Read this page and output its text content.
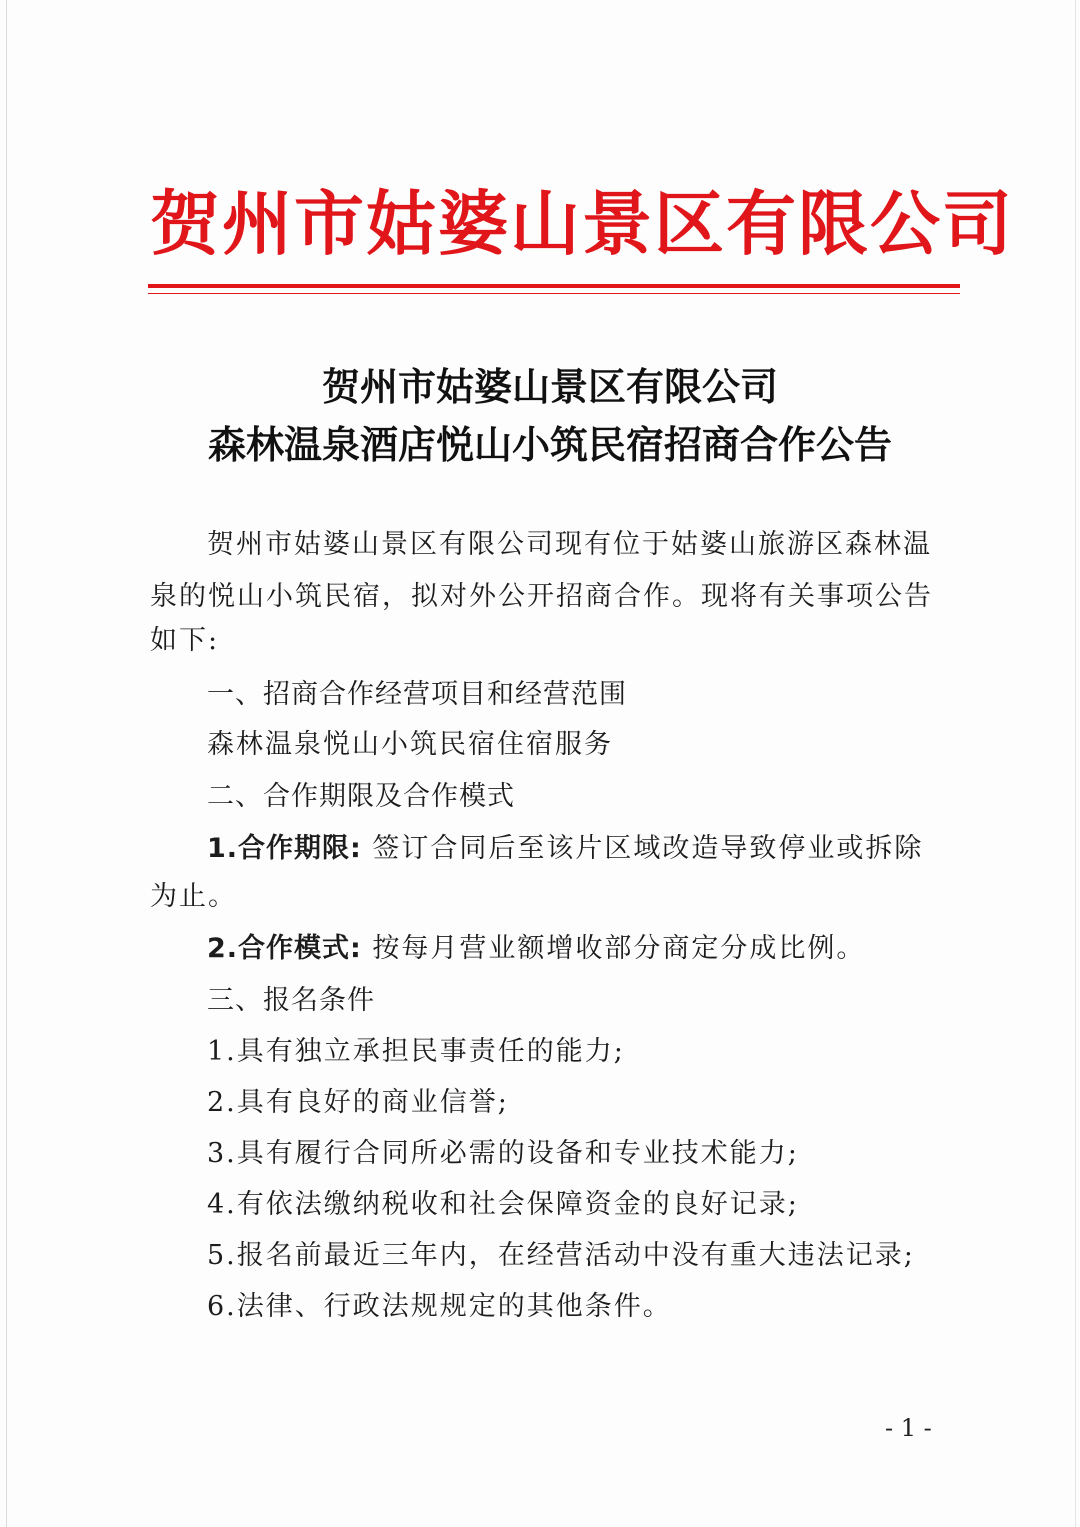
贺州市姑婆山景区有限公司
贺州市姑婆山景区有限公司
森林温泉酒店悦山小筑民宿招商合作公告
贺州市姑婆山景区有限公司现有位于姑婆山旅游区森林温
泉的悦山小筑民宿，拟对外公开招商合作。现将有关事项公告
如下:
一、招商合作经营项目和经营范围
森林温泉悦山小筑民宿住宿服务
二、合作期限及合作模式
1.合作期限: 签订合同后至该片区域改造导致停业或拆除
为止。
2.合作模式: 按每月营业额增收部分商定分成比例。
三、报名条件
1.具有独立承担民事责任的能力;
2.具有良好的商业信誉;
3.具有履行合同所必需的设备和专业技术能力;
4.有依法缴纳税收和社会保障资金的良好记录;
5.报名前最近三年内，在经营活动中没有重大违法记录;
6.法律、行政法规规定的其他条件。
- 1 -
